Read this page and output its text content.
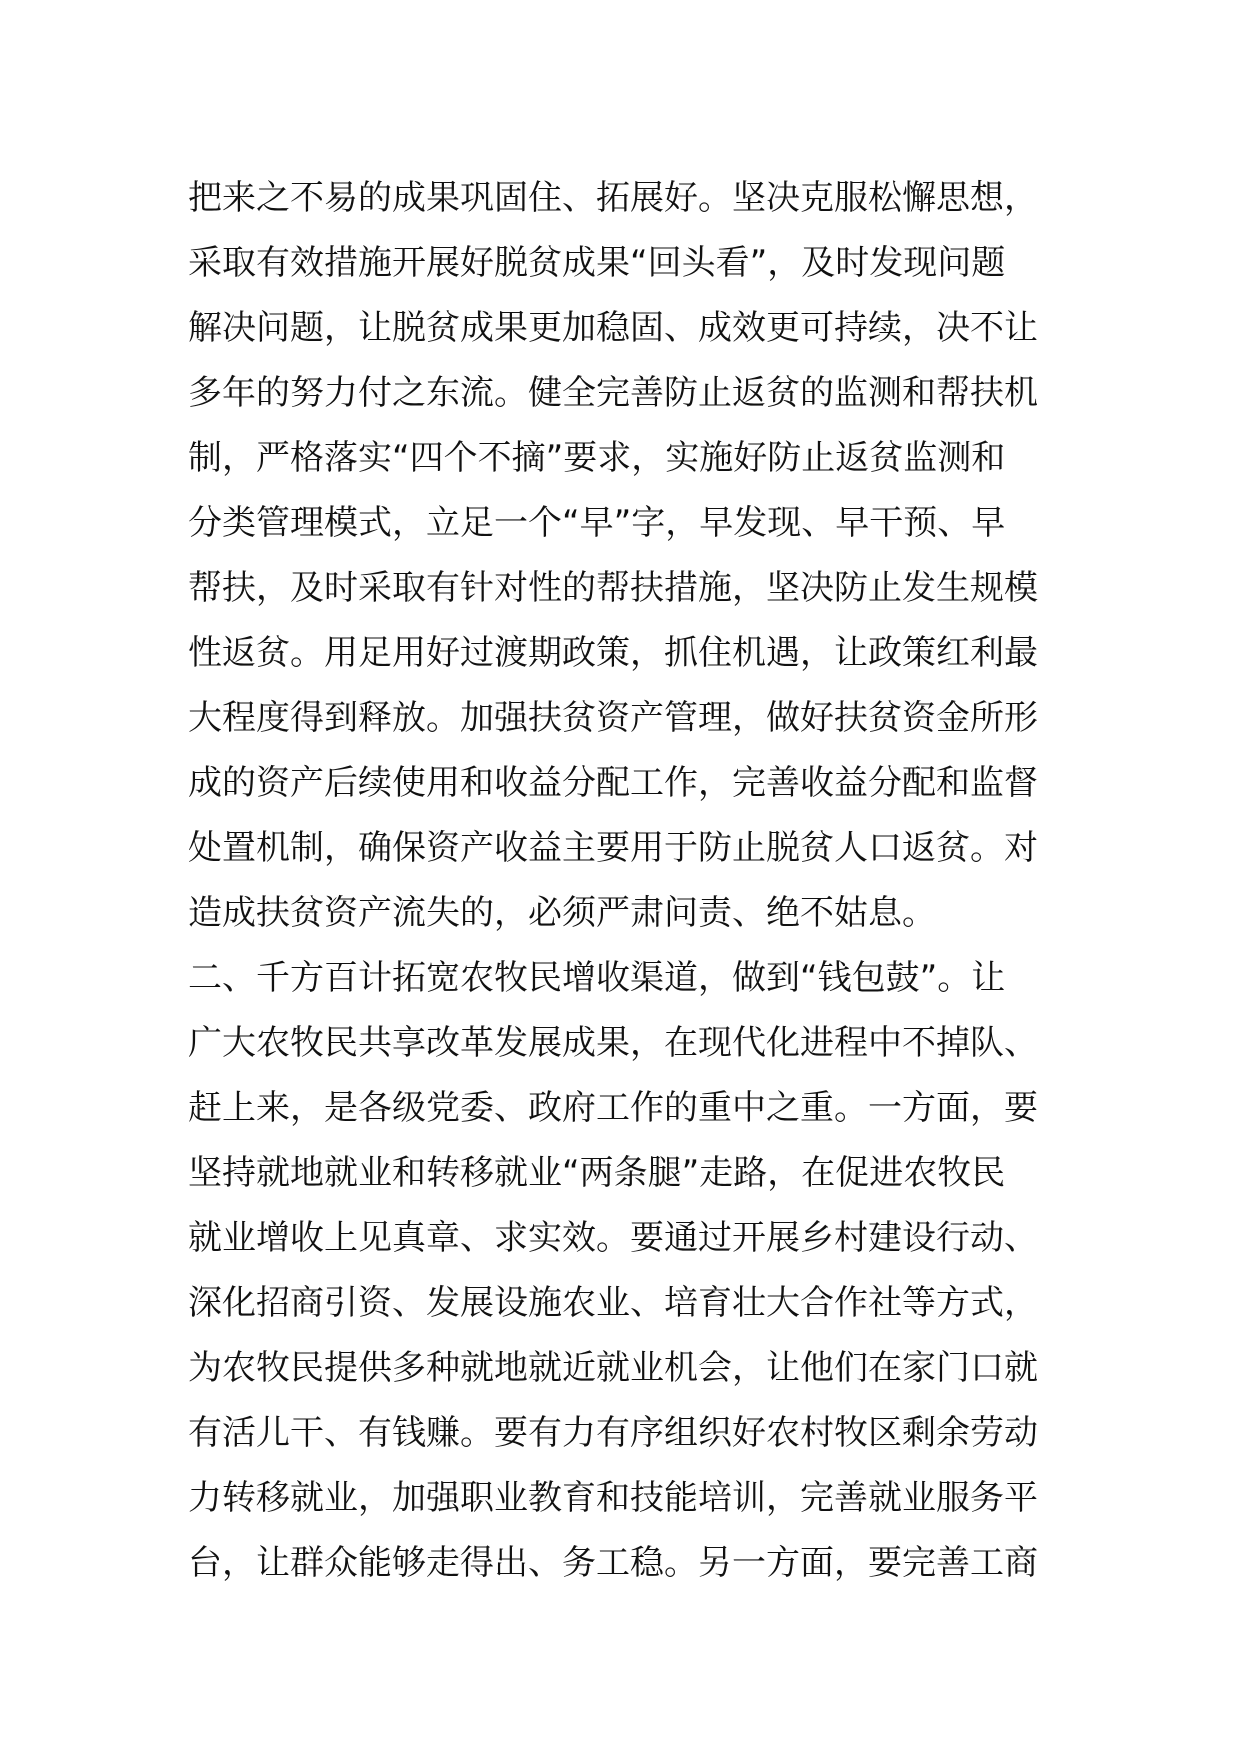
把来之不易的成果巩固住、拓展好。坚决克服松懈思想，
采取有效措施开展好脱贫成果“回头看”，及时发现问题
解决问题，让脱贫成果更加稳固、成效更可持续，决不让
多年的努力付之东流。健全完善防止返贫的监测和帮扶机
制，严格落实“四个不摘”要求，实施好防止返贫监测和
分类管理模式，立足一个“早”字，早发现、早干预、早
帮扶，及时采取有针对性的帮扶措施，坚决防止发生规模
性返贫。用足用好过渡期政策，抓住机遇，让政策红利最
大程度得到释放。加强扶贫资产管理，做好扶贫资金所形
成的资产后续使用和收益分配工作，完善收益分配和监督
处置机制，确保资产收益主要用于防止脱贫人口返贫。对
造成扶贫资产流失的，必须严肃问责、绝不姑息。
二、千方百计拓宽农牧民增收渠道，做到“钱包鼓”。让
广大农牧民共享改革发展成果，在现代化进程中不掉队、
赶上来，是各级党委、政府工作的重中之重。一方面，要
坚持就地就业和转移就业“两条腿”走路，在促进农牧民
就业增收上见真章、求实效。要通过开展乡村建设行动、
深化招商引资、发展设施农业、培育壮大合作社等方式，
为农牧民提供多种就地就近就业机会，让他们在家门口就
有活儿干、有钱赚。要有力有序组织好农村牧区剩余劳动
力转移就业，加强职业教育和技能培训，完善就业服务平
台，让群众能够走得出、务工稳。另一方面，要完善工商
